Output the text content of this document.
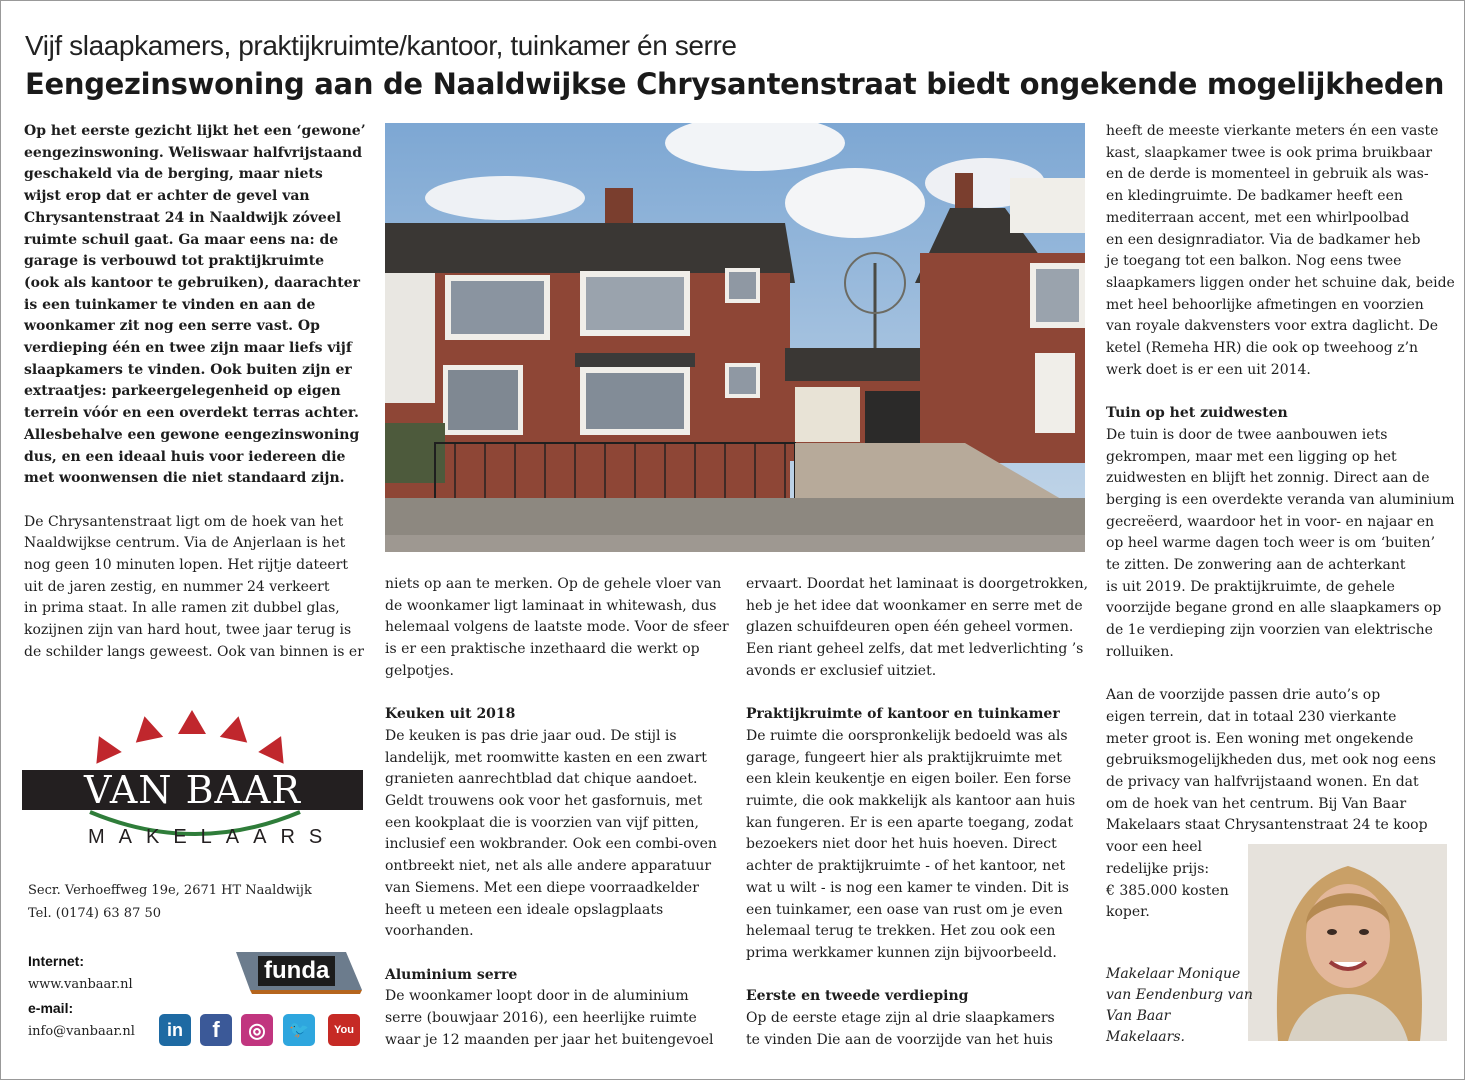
Vijf slaapkamers, praktijkruimte/kantoor, tuinkamer én serre
Eengezinswoning aan de Naaldwijkse Chrysantenstraat biedt ongekende mogelijkheden
Op het eerste gezicht lijkt het een ‘gewone’
eengezinswoning. Weliswaar halfvrijstaand
geschakeld via de berging, maar niets
wijst erop dat er achter de gevel van
Chrysantenstraat 24 in Naaldwijk zóveel
ruimte schuil gaat. Ga maar eens na: de
garage is verbouwd tot praktijkruimte
(ook als kantoor te gebruiken), daarachter
is een tuinkamer te vinden en aan de
woonkamer zit nog een serre vast. Op
verdieping één en twee zijn maar liefs vijf
slaapkamers te vinden. Ook buiten zijn er
extraatjes: parkeergelegenheid op eigen
terrein vóór en een overdekt terras achter.
Allesbehalve een gewone eengezinswoning
dus, en een ideaal huis voor iedereen die
met woonwensen die niet standaard zijn.
De Chrysantenstraat ligt om de hoek van het
Naaldwijkse centrum. Via de Anjerlaan is het
nog geen 10 minuten lopen. Het rijtje dateert
uit de jaren zestig, en nummer 24 verkeert
in prima staat. In alle ramen zit dubbel glas,
kozijnen zijn van hard hout, twee jaar terug is
de schilder langs geweest. Ook van binnen is er
niets op aan te merken. Op de gehele vloer van
de woonkamer ligt laminaat in whitewash, dus
helemaal volgens de laatste mode. Voor de sfeer
is er een praktische inzethaard die werkt op
gelpotjes.
Keuken uit 2018
De keuken is pas drie jaar oud. De stijl is
landelijk, met roomwitte kasten en een zwart
granieten aanrechtblad dat chique aandoet.
Geldt trouwens ook voor het gasfornuis, met
een kookplaat die is voorzien van vijf pitten,
inclusief een wokbrander. Ook een combi-oven
ontbreekt niet, net als alle andere apparatuur
van Siemens. Met een diepe voorraadkelder
heeft u meteen een ideale opslagplaats
voorhanden.
Aluminium serre
De woonkamer loopt door in de aluminium
serre (bouwjaar 2016), een heerlijke ruimte
waar je 12 maanden per jaar het buitengevoel
ervaart. Doordat het laminaat is doorgetrokken,
heb je het idee dat woonkamer en serre met de
glazen schuifdeuren open één geheel vormen.
Een riant geheel zelfs, dat met ledverlichting ’s
avonds er exclusief uitziet.
Praktijkruimte of kantoor en tuinkamer
De ruimte die oorspronkelijk bedoeld was als
garage, fungeert hier als praktijkruimte met
een klein keukentje en eigen boiler. Een forse
ruimte, die ook makkelijk als kantoor aan huis
kan fungeren. Er is een aparte toegang, zodat
bezoekers niet door het huis hoeven. Direct
achter de praktijkruimte - of het kantoor, net
wat u wilt - is nog een kamer te vinden. Dit is
een tuinkamer, een oase van rust om je even
helemaal terug te trekken. Het zou ook een
prima werkkamer kunnen zijn bijvoorbeeld.
Eerste en tweede verdieping
Op de eerste etage zijn al drie slaapkamers
te vinden Die aan de voorzijde van het huis
heeft de meeste vierkante meters én een vaste
kast, slaapkamer twee is ook prima bruikbaar
en de derde is momenteel in gebruik als was-
en kledingruimte. De badkamer heeft een
mediterraan accent, met een whirlpoolbad
en een designradiator. Via de badkamer heb
je toegang tot een balkon. Nog eens twee
slaapkamers liggen onder het schuine dak, beide
met heel behoorlijke afmetingen en voorzien
van royale dakvensters voor extra daglicht. De
ketel (Remeha HR) die ook op tweehoog z’n
werk doet is er een uit 2014.
Tuin op het zuidwesten
De tuin is door de twee aanbouwen iets
gekrompen, maar met een ligging op het
zuidwesten en blijft het zonnig. Direct aan de
berging is een overdekte veranda van aluminium
gecreëerd, waardoor het in voor- en najaar en
op heel warme dagen toch weer is om ‘buiten’
te zitten. De zonwering aan de achterkant
is uit 2019. De praktijkruimte, de gehele
voorzijde begane grond en alle slaapkamers op
de 1e verdieping zijn voorzien van elektrische
rolluiken.
Aan de voorzijde passen drie auto’s op
eigen terrein, dat in totaal 230 vierkante
meter groot is. Een woning met ongekende
gebruiksmogelijkheden dus, met ook nog eens
de privacy van halfvrijstaand wonen. En dat
om de hoek van het centrum. Bij Van Baar
Makelaars staat Chrysantenstraat 24 te koop
voor een heel
redelijke prijs:
€ 385.000 kosten
koper.
Makelaar Monique
van Eendenburg van
Van Baar
Makelaars.
VAN BAAR
MAKELAARS
Secr. Verhoeffweg 19e, 2671 HT Naaldwijk
Tel. (0174) 63 87 50
Internet:
www.vanbaar.nl
e-mail:
info@vanbaar.nl
funda
in f ◎ 🐦 You
